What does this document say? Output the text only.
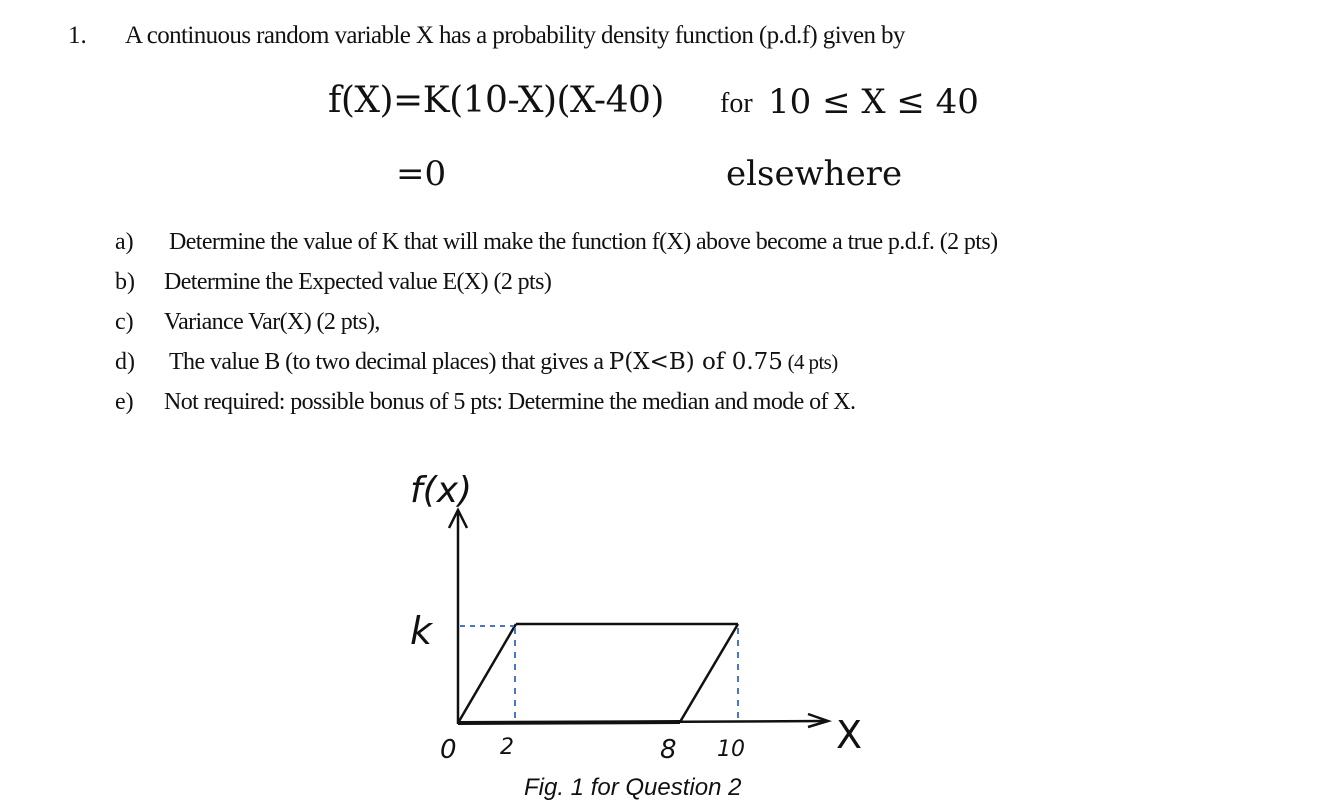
1. A continuous random variable X has a probability density function (p.d.f) given by
f(X)=K(10-X)(X-40) for 10 ≤ X ≤ 40
=0	elsewhere
a) Determine the value of K that will make the function f(X) above become a true p.d.f. (2 pts)
b) Determine the Expected value E(X) (2 pts)
c) Variance Var(X) (2 pts),
d) The value B (to two decimal places) that gives a P(X<B) of 0.75 (4 pts)
e) Not required: possible bonus of 5 pts: Determine the median and mode of X.
f(x)
X
k
0 2	8 10
Fig. 1 for Question 2
